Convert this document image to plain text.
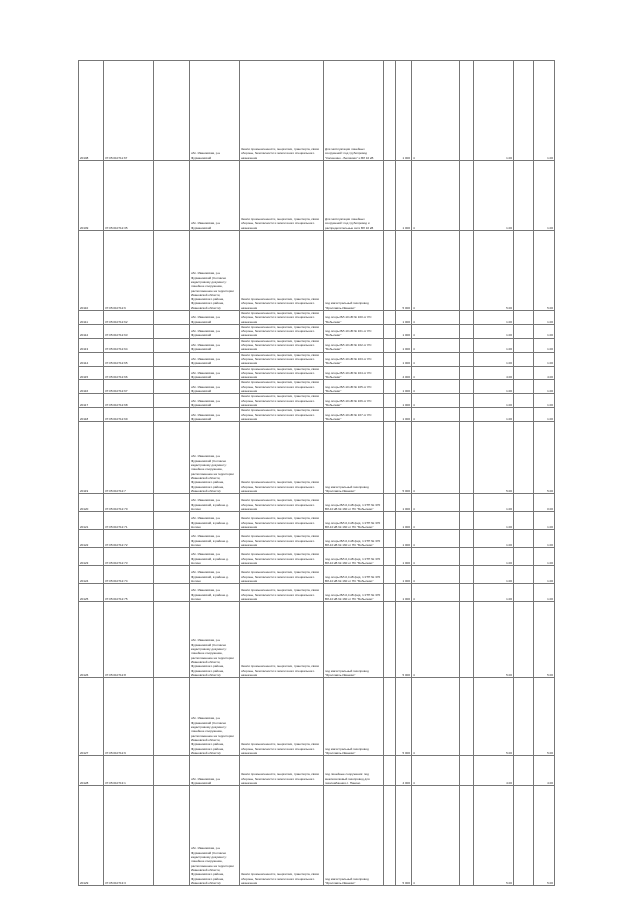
20108	37:05:010711:67		обл. Ивановская, р-н Фурмановский	Земли промышленности, энергетики, транспорта, связи обороны, безопасности и земли иного специального назначения	Для эксплуатации линейных сооружений: под трубопровод "Колюшино - Беликово" и ВЛ 10 кВ		1 000	4		1.00		1.00
20109	37:05:010712:35		обл. Ивановская, р-н Фурмановский	Земли промышленности, энергетики, транспорта, связи обороны, безопасности и земли иного специального назначения	Для эксплуатации линейных сооружений: под трубопровод и распределительные сети ВЛ 10 кВ		1 000	4		1.00		1.00
20110	37:05:010712:6		обл. Ивановская, р-н Фурмановский (Согласно кадастровому документу: линейное сооружение, расположенное на территории Ивановской области, Фурмановского района, Фурмановского района, Ивановской области)	Земли промышленности, энергетики, транспорта, связи обороны, безопасности и земли иного специального назначения	под магистральный газопровод "Ярославль-Иваново"		5 000	4		5.00		5.00
20111	37:05:010712:62		обл. Ивановская, р-н Фурмановский	Земли промышленности, энергетики, транспорта, связи обороны, безопасности и земли иного специального назначения	под опоры ВЛ-10 кВ № 160 от РС "Бобылево"		1 000	4		1.00		1.00
20112	37:05:010712:63		обл. Ивановская, р-н Фурмановский	Земли промышленности, энергетики, транспорта, связи обороны, безопасности и земли иного специального назначения	под опоры ВЛ-10 кВ № 161 от РС "Бобылево"		1 000	4		1.00		1.00
20113	37:05:010712:64		обл. Ивановская, р-н Фурмановский	Земли промышленности, энергетики, транспорта, связи обороны, безопасности и земли иного специального назначения	под опоры ВЛ-10 кВ № 162 от РС "Бобылево"		1 000	4		1.00		1.00
20114	37:05:010712:65		обл. Ивановская, р-н Фурмановский	Земли промышленности, энергетики, транспорта, связи обороны, безопасности и земли иного специального назначения	под опоры ВЛ-10 кВ № 163 от РС "Бобылево"		1 000	4		1.00		1.00
20115	37:05:010712:66		обл. Ивановская, р-н Фурмановский	Земли промышленности, энергетики, транспорта, связи обороны, безопасности и земли иного специального назначения	под опоры ВЛ-10 кВ № 164 от РС "Бобылево"		4 000	4		4.00		4.00
20116	37:05:010712:67		обл. Ивановская, р-н Фурмановский	Земли промышленности, энергетики, транспорта, связи обороны, безопасности и земли иного специального назначения	под опоры ВЛ-10 кВ № 165 от РС "Бобылево"		1 000	4		1.00		1.00
20117	37:05:010712:68		обл. Ивановская, р-н Фурмановский	Земли промышленности, энергетики, транспорта, связи обороны, безопасности и земли иного специального назначения	под опоры ВЛ-10 кВ № 166 от РС "Бобылево"		1 000	4		1.00		1.00
20118	37:05:010712:69		обл. Ивановская, р-н Фурмановский	Земли промышленности, энергетики, транспорта, связи обороны, безопасности и земли иного специального назначения	под опоры ВЛ-10 кВ № 167 от РС "Бобылево"		1 000	4		1.00		1.00
20119	37:05:010712:7		обл. Ивановская, р-н Фурмановский (Согласно кадастровому документу: линейное сооружение, расположенное на территории Ивановской области, Фурмановского района, Фурмановского района, Ивановской области)	Земли промышленности, энергетики, транспорта, связи обороны, безопасности и земли иного специального назначения	под магистральный газопровод "Ярославль-Иваново"		5 000	4		5.00		5.00
20120	37:05:010712:70		обл. Ивановская, р-н Фурмановский, в районе д. Ногино	Земли промышленности, энергетики, транспорта, связи обороны, безопасности и земли иного специального назначения	под опоры ВЛ-0,4 кВ фид. 1 КТП № 370 ВЛ-10 кВ № 160 от ПС "Бобылево"		1 000	4		1.00		0.00
20121	37:05:010712:71		обл. Ивановская, р-н Фурмановский, в районе д. Ногино	Земли промышленности, энергетики, транспорта, связи обороны, безопасности и земли иного специального назначения	под опоры ВЛ-0,4 кВ фид. 1 КТП № 370 ВЛ-10 кВ № 160 от ПС "Бобылево"		1 000	4		1.00		1.00
20122	37:05:010712:72		обл. Ивановская, р-н Фурмановский, в районе д. Ногино	Земли промышленности, энергетики, транспорта, связи обороны, безопасности и земли иного специального назначения	под опоры ВЛ-0,4 кВ фид. 1 КТП № 370 ВЛ-10 кВ № 160 от ПС "Бобылево"		1 000	4		1.00		1.00
20123	37:05:010712:73		обл. Ивановская, р-н Фурмановский, в районе д. Ногино	Земли промышленности, энергетики, транспорта, связи обороны, безопасности и земли иного специального назначения	под опоры ВЛ-0,4 кВ фид. 1 КТП № 370 ВЛ-10 кВ № 160 от ПС "Бобылево"		1 000	4		1.00		1.00
20124	37:05:010712:74		обл. Ивановская, р-н Фурмановский, в районе д. Ногино	Земли промышленности, энергетики, транспорта, связи обороны, безопасности и земли иного специального назначения	под опоры ВЛ-0,4 кВ фид. 1 КТП № 370 ВЛ-10 кВ № 160 от ПС "Бобылево"		1 000	4		1.00		1.00
20125	37:05:010712:75		обл. Ивановская, р-н Фурмановский, в районе д. Ногино	Земли промышленности, энергетики, транспорта, связи обороны, безопасности и земли иного специального назначения	под опоры ВЛ-0,4 кВ фид. 1 КТП № 370 ВЛ-10 кВ № 160 от ПС "Бобылево"		1 000	4		1.00		1.00
20126	37:05:010712:8		обл. Ивановская, р-н Фурмановский (Согласно кадастровому документу: линейное сооружение, расположенное на территории Ивановской области, Фурмановского района, Фурмановского района, Ивановской области)	Земли промышленности, энергетики, транспорта, связи обороны, безопасности и земли иного специального назначения	под магистральный газопровод "Ярославль-Иваново"		5 000	4		5.00		5.00
20127	37:05:010712:9		обл. Ивановская, р-н Фурмановский (Согласно кадастровому документу: линейное сооружение, расположенное на территории Ивановской области, Фурмановского района, Фурмановского района, Ивановской области)	Земли промышленности, энергетики, транспорта, связи обороны, безопасности и земли иного специального назначения	под магистральный газопровод "Ярославль-Иваново"		5 000	4		5.00		5.00
20128	37:05:010713:1		обл. Ивановская, р-н Фурмановский	Земли промышленности, энергетики, транспорта, связи обороны, безопасности и земли иного специального назначения	под линейные сооружения: под межпоселковый газопровод для газоснабжения с. Панино		4 000	4		4.00		4.00
20129	37:05:010713:3		обл. Ивановская, р-н Фурмановский (Согласно кадастровому документу: линейное сооружение, расположенное на территории Ивановской области, Фурмановского района, Фурмановского района, Ивановской области)	Земли промышленности, энергетики, транспорта, связи обороны, безопасности и земли иного специального назначения	под магистральный газопровод "Ярославль-Иваново"		5 000	4		5.00		5.00
